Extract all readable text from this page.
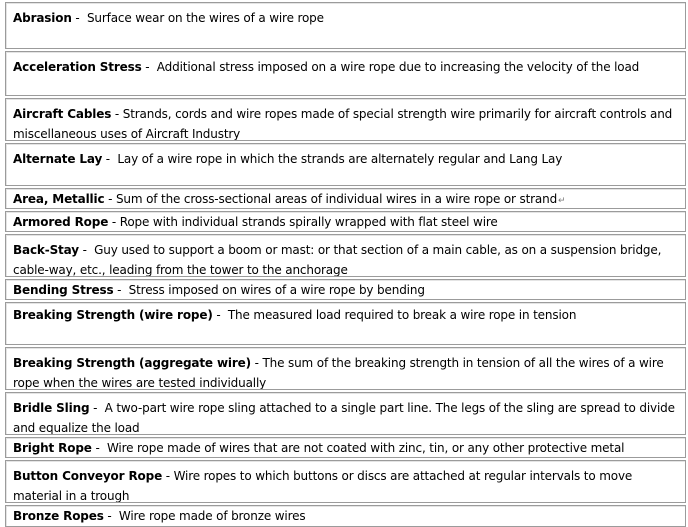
Abrasion -  Surface wear on the wires of a wire rope
Acceleration Stress -  Additional stress imposed on a wire rope due to increasing the velocity of the load
Aircraft Cables - Strands, cords and wire ropes made of special strength wire primarily for aircraft controls and miscellaneous uses of Aircraft Industry
Alternate Lay -  Lay of a wire rope in which the strands are alternately regular and Lang Lay
Area, Metallic - Sum of the cross-sectional areas of individual wires in a wire rope or strand↵
Armored Rope - Rope with individual strands spirally wrapped with flat steel wire
Back-Stay -  Guy used to support a boom or mast: or that section of a main cable, as on a suspension bridge, cable-way, etc., leading from the tower to the anchorage
Bending Stress -  Stress imposed on wires of a wire rope by bending
Breaking Strength (wire rope) -  The measured load required to break a wire rope in tension
Breaking Strength (aggregate wire) - The sum of the breaking strength in tension of all the wires of a wire rope when the wires are tested individually
Bridle Sling -  A two-part wire rope sling attached to a single part line. The legs of the sling are spread to divide and equalize the load
Bright Rope -  Wire rope made of wires that are not coated with zinc, tin, or any other protective metal
Button Conveyor Rope - Wire ropes to which buttons or discs are attached at regular intervals to move material in a trough
Bronze Ropes -  Wire rope made of bronze wires
